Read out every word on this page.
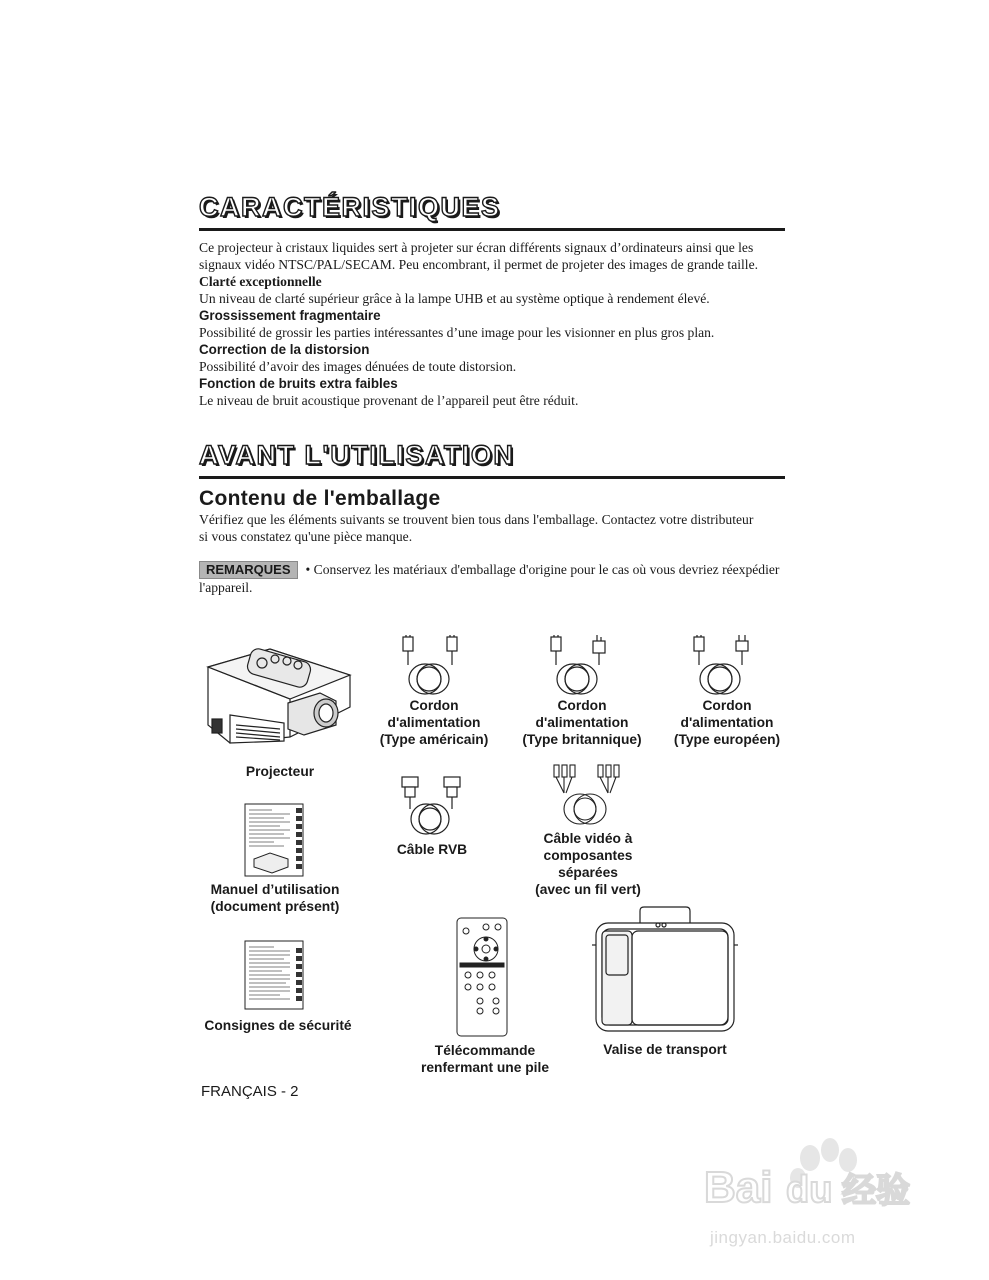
CARACTÉRISTIQUES

Ce projecteur à cristaux liquides sert à projeter sur écran différents signaux d’ordinateurs ainsi que les signaux vidéo NTSC/PAL/SECAM. Peu encombrant, il permet de projeter des images de grande taille.

Clarté exceptionnelle

Un niveau de clarté supérieur grâce à la lampe UHB et au système optique à rendement élevé.

Grossissement fragmentaire

Possibilité de grossir les parties intéressantes d’une image pour les visionner en plus gros plan.

Correction de la distorsion

Possibilité d’avoir des images dénuées de toute distorsion.

Fonction de bruits extra faibles

Le niveau de bruit acoustique provenant de l’appareil peut être réduit.

AVANT L'UTILISATION
Contenu de l'emballage

Vérifiez que les éléments suivants se trouvent bien tous dans l'emballage. Contactez votre distributeur si vous constatez qu'une pièce manque.

REMARQUES • Conservez les matériaux d'emballage d'origine pour le cas où vous devriez réexpédier l'appareil.

Projecteur
Cordon
d'alimentation
(Type américain)
Cordon
d'alimentation
(Type britannique)
Cordon
d'alimentation
(Type européen)
Câble RVB
Câble vidéo à
composantes
séparées
(avec un fil vert)
Manuel d’utilisation
(document présent)
Consignes de sécurité
Télécommande
renfermant une pile
Valise de transport
FRANÇAIS - 2
Bai du 经验
jingyan.baidu.com
